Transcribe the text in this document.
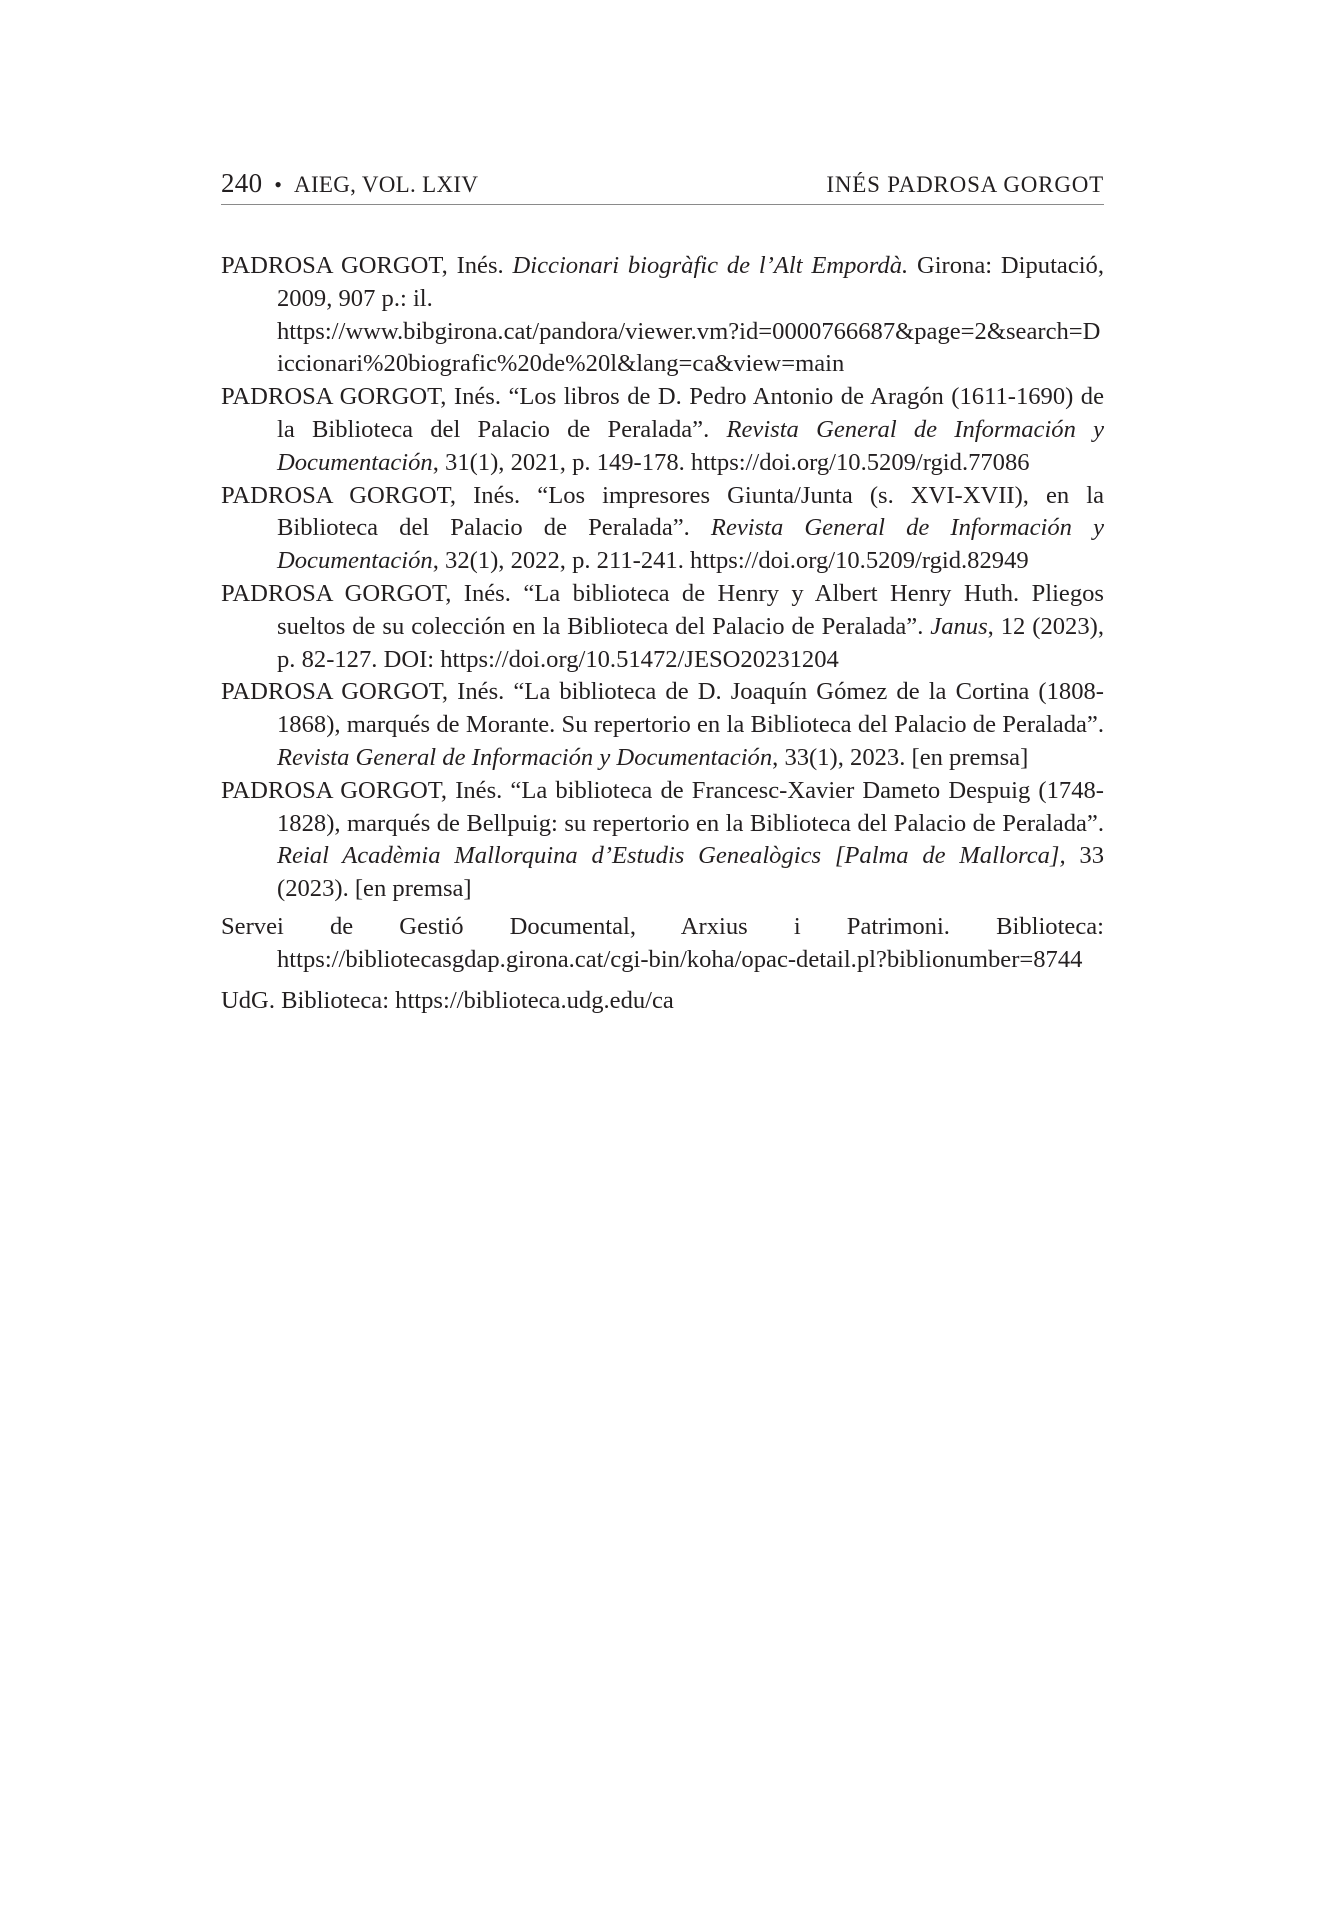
240 • AIEG, VOL. LXIV	INÉS PADROSA GORGOT

PADROSA GORGOT, Inés. Diccionari biogràfic de l’Alt Empordà. Girona: Diputació, 2009, 907 p.: il.
https://www.bibgirona.cat/pandora/viewer.vm?id=0000766687&page=2&search=Diccionari%20biografic%20de%20l&lang=ca&view=main

PADROSA GORGOT, Inés. “Los libros de D. Pedro Antonio de Aragón (1611-1690) de la Biblioteca del Palacio de Peralada”. Revista General de Información y Documentación, 31(1), 2021, p. 149-178. https://doi.org/10.5209/rgid.77086

PADROSA GORGOT, Inés. “Los impresores Giunta/Junta (s. XVI-XVII), en la Biblioteca del Palacio de Peralada”. Revista General de Información y Documentación, 32(1), 2022, p. 211-241. https://doi.org/10.5209/rgid.82949

PADROSA GORGOT, Inés. “La biblioteca de Henry y Albert Henry Huth. Pliegos sueltos de su colección en la Biblioteca del Palacio de Peralada”. Janus, 12 (2023), p. 82-127. DOI: https://doi.org/10.51472/JESO20231204

PADROSA GORGOT, Inés. “La biblioteca de D. Joaquín Gómez de la Cortina (1808-1868), marqués de Morante. Su repertorio en la Biblioteca del Palacio de Peralada”. Revista General de Información y Documentación, 33(1), 2023. [en premsa]

PADROSA GORGOT, Inés. “La biblioteca de Francesc-Xavier Dameto Despuig (1748-1828), marqués de Bellpuig: su repertorio en la Biblioteca del Palacio de Peralada”. Reial Acadèmia Mallorquina d’Estudis Genealògics [Palma de Mallorca], 33 (2023). [en premsa]

Servei de Gestió Documental, Arxius i Patrimoni. Biblioteca: https://bibliotecasgdap.girona.cat/cgi-bin/koha/opac-detail.pl?biblionumber=8744

UdG. Biblioteca: https://biblioteca.udg.edu/ca
